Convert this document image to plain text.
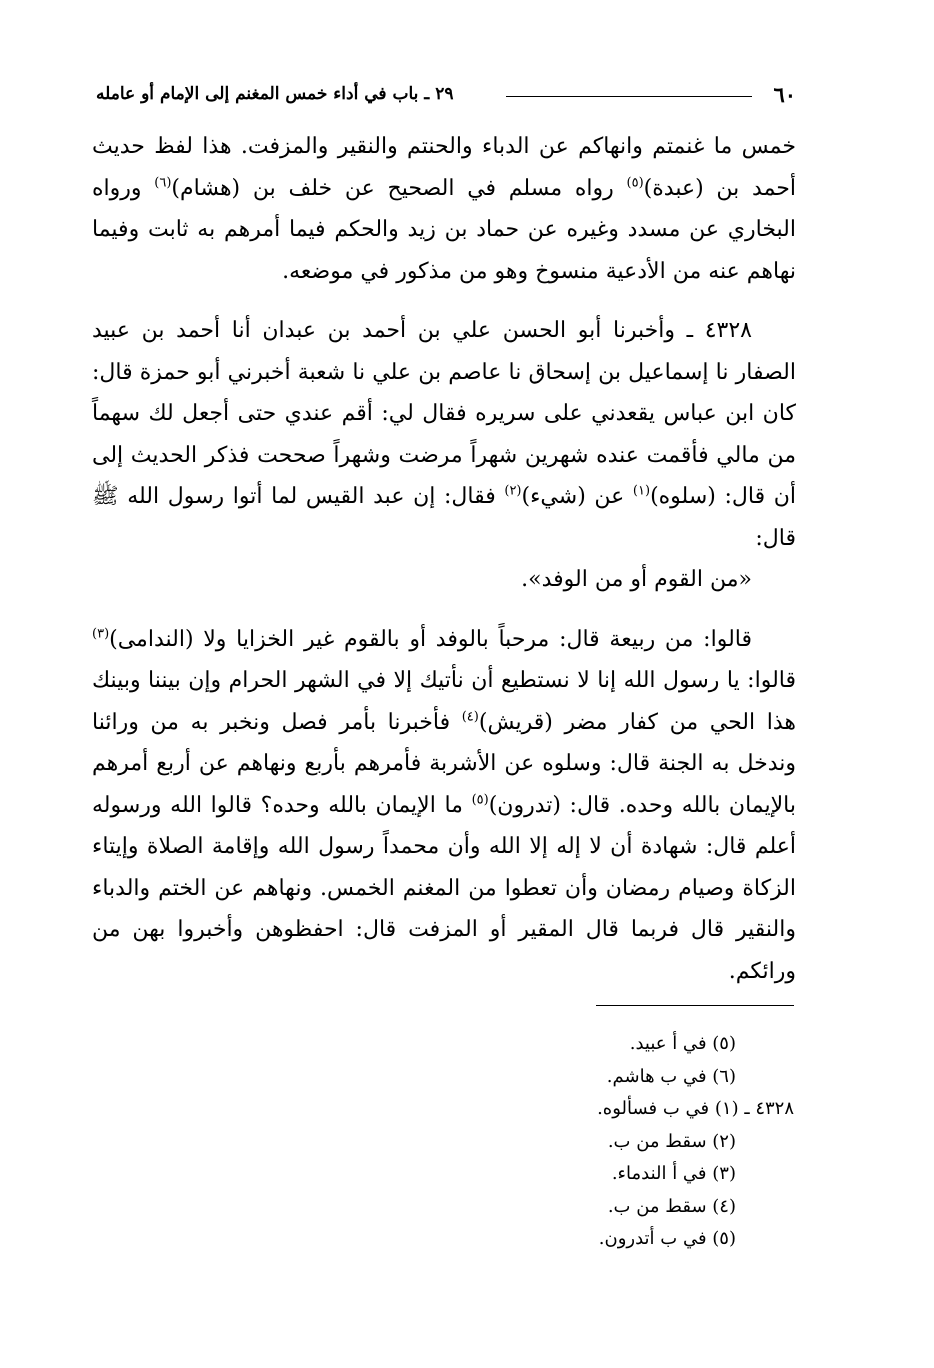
٦٠
٢٩ ـ باب في أداء خمس المغنم إلى الإمام أو عامله

خمس ما غنمتم وانهاكم عن الدباء والحنتم والنقير والمزفت. هذا لفظ حديث أحمد بن (عبدة)$^{(٥)}$ رواه مسلم في الصحيح عن خلف بن (هشام)$^{(٦)}$ ورواه البخاري عن مسدد وغيره عن حماد بن زيد والحكم فيما أمرهم به ثابت وفيما نهاهم عنه من الأدعية منسوخ وهو من مذكور في موضعه.

٤٣٢٨ ـ وأخبرنا أبو الحسن علي بن أحمد بن عبدان أنا أحمد بن عبيد الصفار نا إسماعيل بن إسحاق نا عاصم بن علي نا شعبة أخبرني أبو حمزة قال: كان ابن عباس يقعدني على سريره فقال لي: أقم عندي حتى أجعل لك سهماً من مالي فأقمت عنده شهرين شهراً مرضت وشهراً صححت فذكر الحديث إلى أن قال: (سلوه)$^{(١)}$ عن (شيء)$^{(٢)}$ فقال: إن عبد القيس لما أتوا رسول الله ﷺ قال:

«من القوم أو من الوفد».

قالوا: من ربيعة قال: مرحباً بالوفد أو بالقوم غير الخزايا ولا (الندامى)$^{(٣)}$ قالوا: يا رسول الله إنا لا نستطيع أن نأتيك إلا في الشهر الحرام وإن بيننا وبينك هذا الحي من كفار مضر (قريش)$^{(٤)}$ فأخبرنا بأمر فصل ونخبر به من ورائنا وندخل به الجنة قال: وسلوه عن الأشربة فأمرهم بأربع ونهاهم عن أربع أمرهم بالإيمان بالله وحده. قال: (تدرون)$^{(٥)}$ ما الإيمان بالله وحده؟ قالوا الله ورسوله أعلم قال: شهادة أن لا إله إلا الله وأن محمداً رسول الله وإقامة الصلاة وإيتاء الزكاة وصيام رمضان وأن تعطوا من المغنم الخمس. ونهاهم عن الختم والدباء والنقير قال فربما قال المقير أو المزفت قال: احفظوهن وأخبروا بهن من ورائكم.

(٥) في أ عبيد.
(٦) في ب هاشم.
٤٣٢٨ ـ (١) في ب فسألوه.
(٢) سقط من ب.
(٣) في أ الندماء.
(٤) سقط من ب.
(٥) في ب أتدرون.
